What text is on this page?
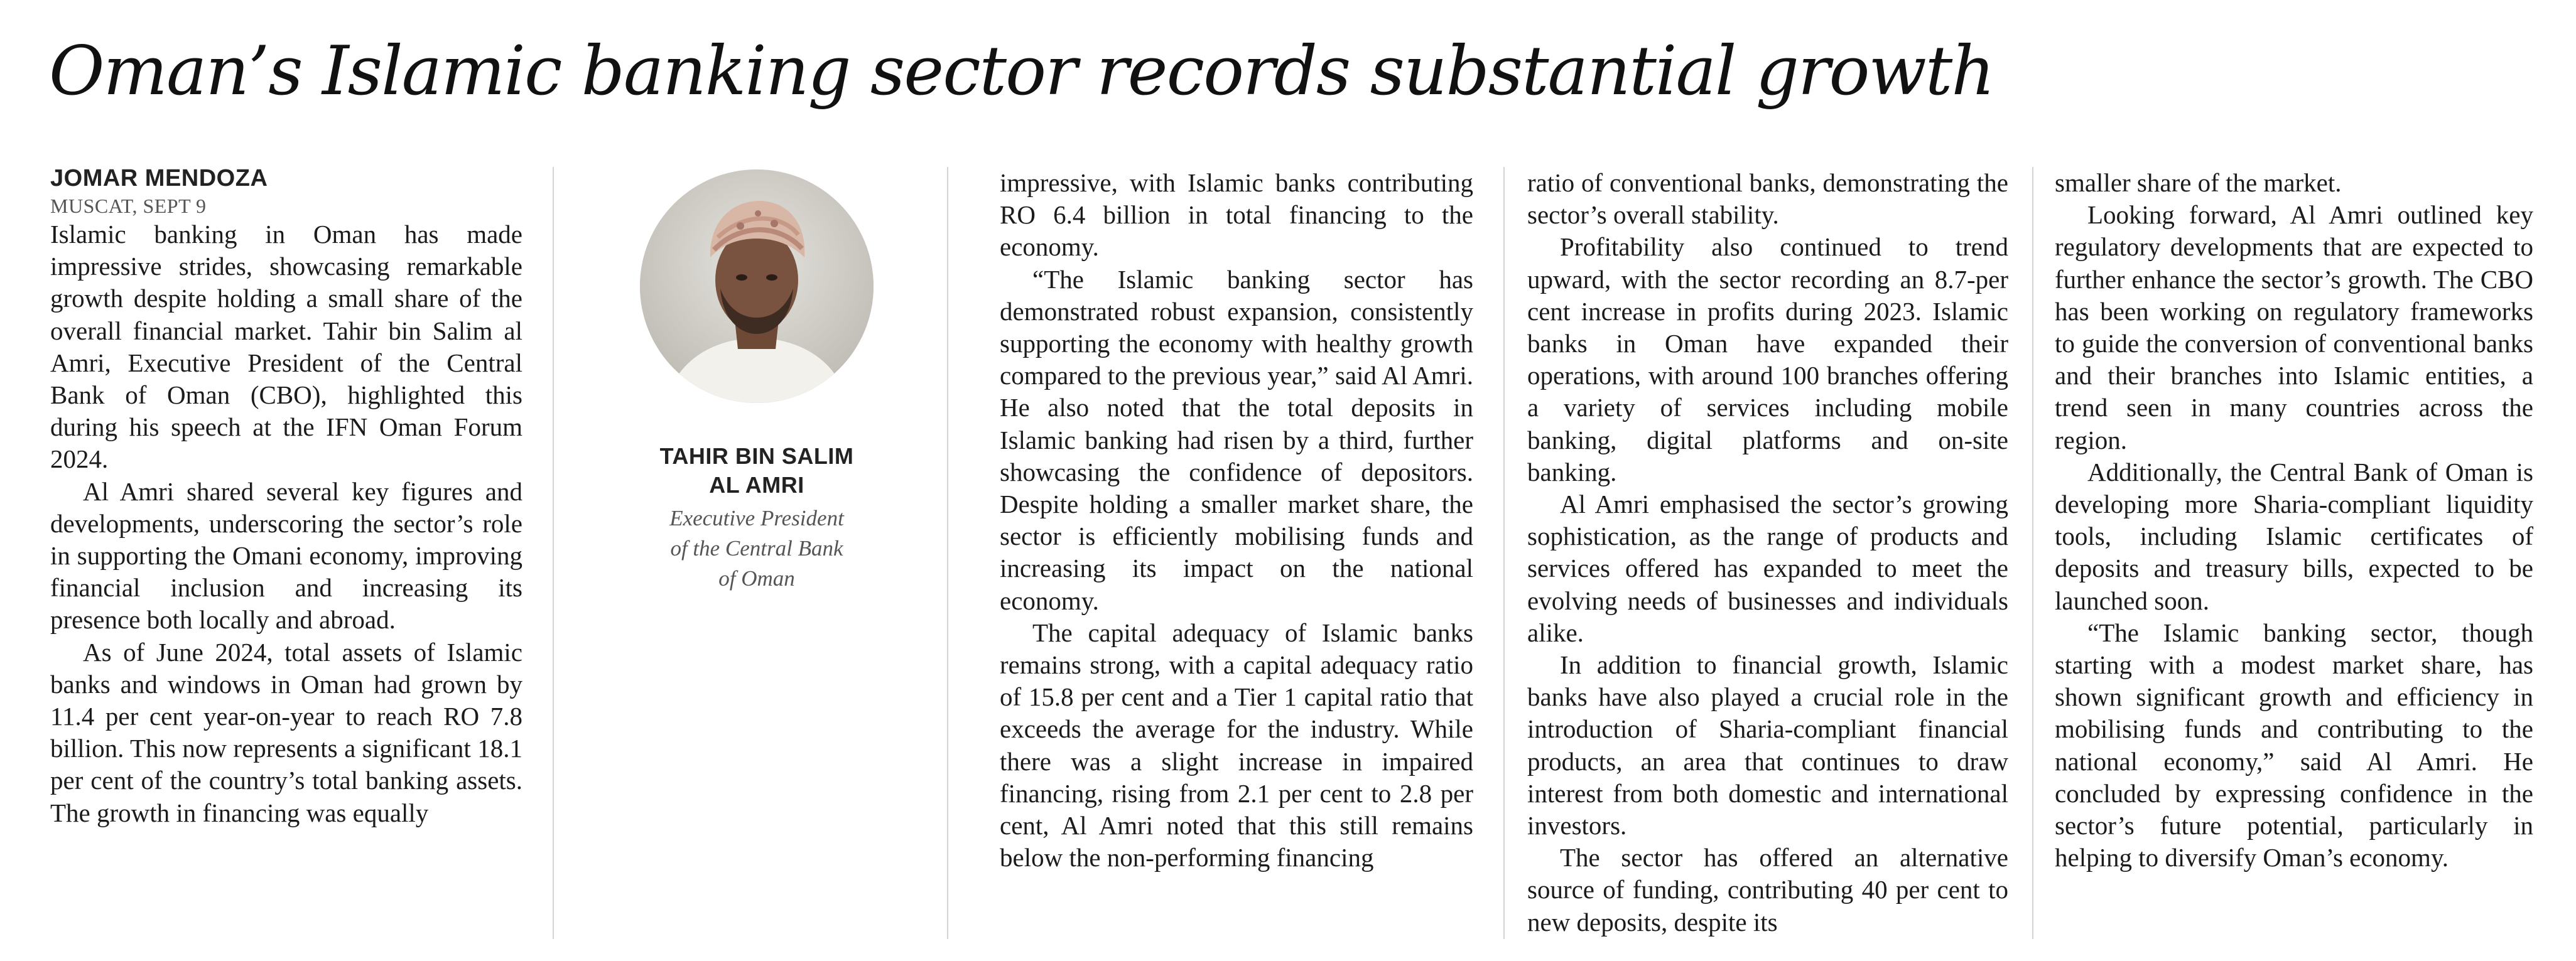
Oman’s Islamic banking sector records substantial growth

JOMAR MENDOZA

MUSCAT, SEPT 9

Islamic banking in Oman has made impressive strides, showcasing remarkable growth despite holding a small share of the overall financial market. Tahir bin Salim al Amri, Executive President of the Central Bank of Oman (CBO), highlighted this during his speech at the IFN Oman Forum 2024.

Al Amri shared several key figures and developments, underscoring the sector’s role in supporting the Omani economy, improving financial inclusion and increasing its presence both locally and abroad.

As of June 2024, total assets of Islamic banks and windows in Oman had grown by 11.4 per cent year-on-year to reach RO 7.8 billion. This now represents a significant 18.1 per cent of the country’s total banking assets. The growth in financing was equally

TAHIR BIN SALIM
AL AMRI
Executive President
of the Central Bank
of Oman

impressive, with Islamic banks contributing RO 6.4 billion in total financing to the economy.

“The Islamic banking sector has demonstrated robust expansion, consistently supporting the economy with healthy growth compared to the previous year,” said Al Amri. He also noted that the total deposits in Islamic banking had risen by a third, further showcasing the confidence of depositors. Despite holding a smaller market share, the sector is efficiently mobilising funds and increasing its impact on the national economy.

The capital adequacy of Islamic banks remains strong, with a capital adequacy ratio of 15.8 per cent and a Tier 1 capital ratio that exceeds the average for the industry. While there was a slight increase in impaired financing, rising from 2.1 per cent to 2.8 per cent, Al Amri noted that this still remains below the non-performing financing

ratio of conventional banks, demonstrating the sector’s overall stability.

Profitability also continued to trend upward, with the sector recording an 8.7-per cent increase in profits during 2023. Islamic banks in Oman have expanded their operations, with around 100 branches offering a variety of services including mobile banking, digital platforms and on-site banking.

Al Amri emphasised the sector’s growing sophistication, as the range of products and services offered has expanded to meet the evolving needs of businesses and individuals alike.

In addition to financial growth, Islamic banks have also played a crucial role in the introduction of Sharia-compliant financial products, an area that continues to draw interest from both domestic and international investors.

The sector has offered an alternative source of funding, contributing 40 per cent to new deposits, despite its

smaller share of the market.

Looking forward, Al Amri outlined key regulatory developments that are expected to further enhance the sector’s growth. The CBO has been working on regulatory frameworks to guide the conversion of conventional banks and their branches into Islamic entities, a trend seen in many countries across the region.

Additionally, the Central Bank of Oman is developing more Sharia-compliant liquidity tools, including Islamic certificates of deposits and treasury bills, expected to be launched soon.

“The Islamic banking sector, though starting with a modest market share, has shown significant growth and efficiency in mobilising funds and contributing to the national economy,” said Al Amri. He concluded by expressing confidence in the sector’s future potential, particularly in helping to diversify Oman’s economy.
